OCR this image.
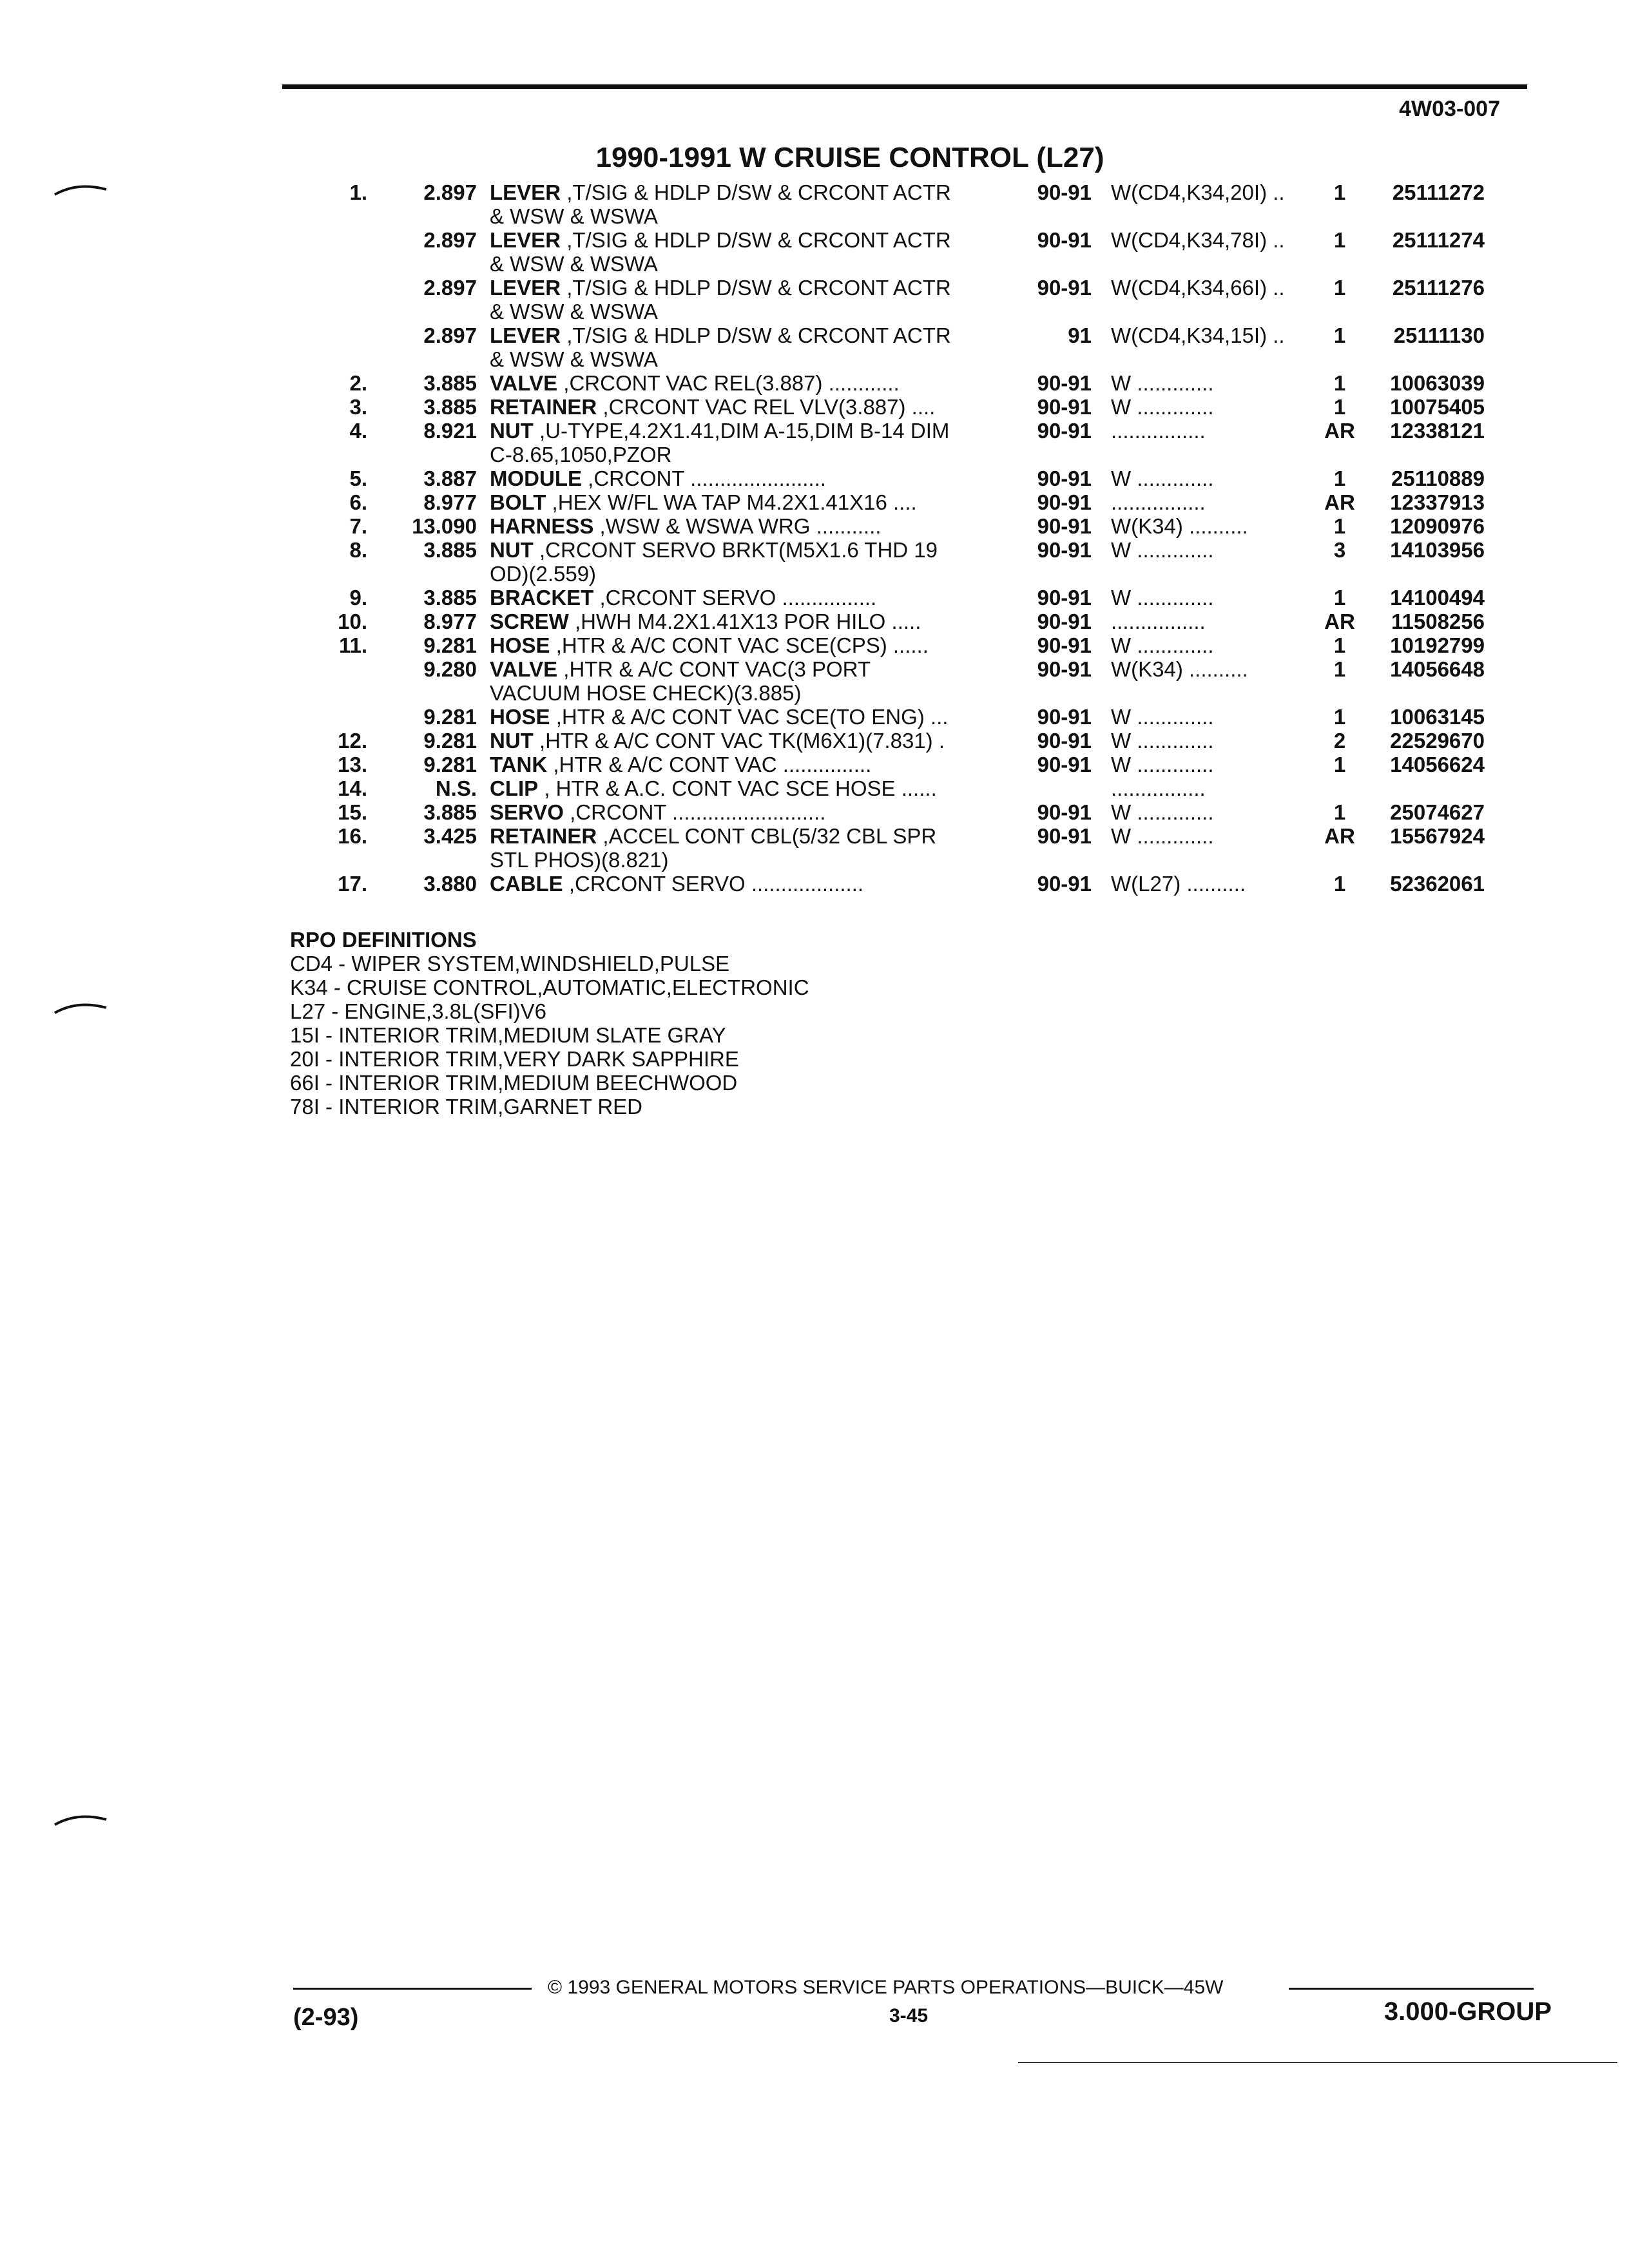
4W03-007
1990-1991 W CRUISE CONTROL (L27)
1.	2.897 LEVER ,T/SIG & HDLP D/SW & CRCONT ACTR	90-91 W(CD4,K34,20I) ..	1	25111272
& WSW & WSWA
2.897 LEVER ,T/SIG & HDLP D/SW & CRCONT ACTR	90-91 W(CD4,K34,78I) ..	1	25111274
& WSW & WSWA
2.897 LEVER ,T/SIG & HDLP D/SW & CRCONT ACTR	90-91 W(CD4,K34,66I) ..	1	25111276
& WSW & WSWA
2.897 LEVER ,T/SIG & HDLP D/SW & CRCONT ACTR	91 W(CD4,K34,15I) ..	1	25111130
& WSW & WSWA
2.	3.885 VALVE ,CRCONT VAC REL(3.887) ............	90-91 W .............	1	10063039
3.	3.885 RETAINER ,CRCONT VAC REL VLV(3.887) ....	90-91 W .............	1	10075405
4.	8.921 NUT ,U-TYPE,4.2X1.41,DIM A-15,DIM B-14 DIM	90-91 ................	AR	12338121
C-8.65,1050,PZOR
5.	3.887 MODULE ,CRCONT .......................	90-91 W .............	1	25110889
6.	8.977 BOLT ,HEX W/FL WA TAP M4.2X1.41X16 ....	90-91 ................	AR	12337913
7.	13.090 HARNESS ,WSW & WSWA WRG ...........	90-91 W(K34) ..........	1	12090976
8.	3.885 NUT ,CRCONT SERVO BRKT(M5X1.6 THD 19	90-91 W .............	3	14103956
OD)(2.559)
9.	3.885 BRACKET ,CRCONT SERVO ................	90-91 W .............	1	14100494
10.	8.977 SCREW ,HWH M4.2X1.41X13 POR HILO .....	90-91 ................	AR	11508256
11.	9.281 HOSE ,HTR & A/C CONT VAC SCE(CPS) ......	90-91 W .............	1	10192799
9.280 VALVE ,HTR & A/C CONT VAC(3 PORT	90-91 W(K34) ..........	1	14056648
VACUUM HOSE CHECK)(3.885)
9.281 HOSE ,HTR & A/C CONT VAC SCE(TO ENG) ...	90-91 W .............	1	10063145
12.	9.281 NUT ,HTR & A/C CONT VAC TK(M6X1)(7.831) .	90-91 W .............	2	22529670
13.	9.281 TANK ,HTR & A/C CONT VAC ...............	90-91 W .............	1	14056624
14.	N.S. CLIP , HTR & A.C. CONT VAC SCE HOSE ......	................
15.	3.885 SERVO ,CRCONT ..........................	90-91 W .............	1	25074627
16.	3.425 RETAINER ,ACCEL CONT CBL(5/32 CBL SPR	90-91 W .............	AR	15567924
STL PHOS)(8.821)
17.	3.880 CABLE ,CRCONT SERVO ...................	90-91 W(L27) ..........	1	52362061
RPO DEFINITIONS
CD4 - WIPER SYSTEM,WINDSHIELD,PULSE
K34 - CRUISE CONTROL,AUTOMATIC,ELECTRONIC
L27 - ENGINE,3.8L(SFI)V6
15I - INTERIOR TRIM,MEDIUM SLATE GRAY
20I - INTERIOR TRIM,VERY DARK SAPPHIRE
66I - INTERIOR TRIM,MEDIUM BEECHWOOD
78I - INTERIOR TRIM,GARNET RED
© 1993 GENERAL MOTORS SERVICE PARTS OPERATIONS—BUICK—45W
(2-93)	3-45	3.000-GROUP
